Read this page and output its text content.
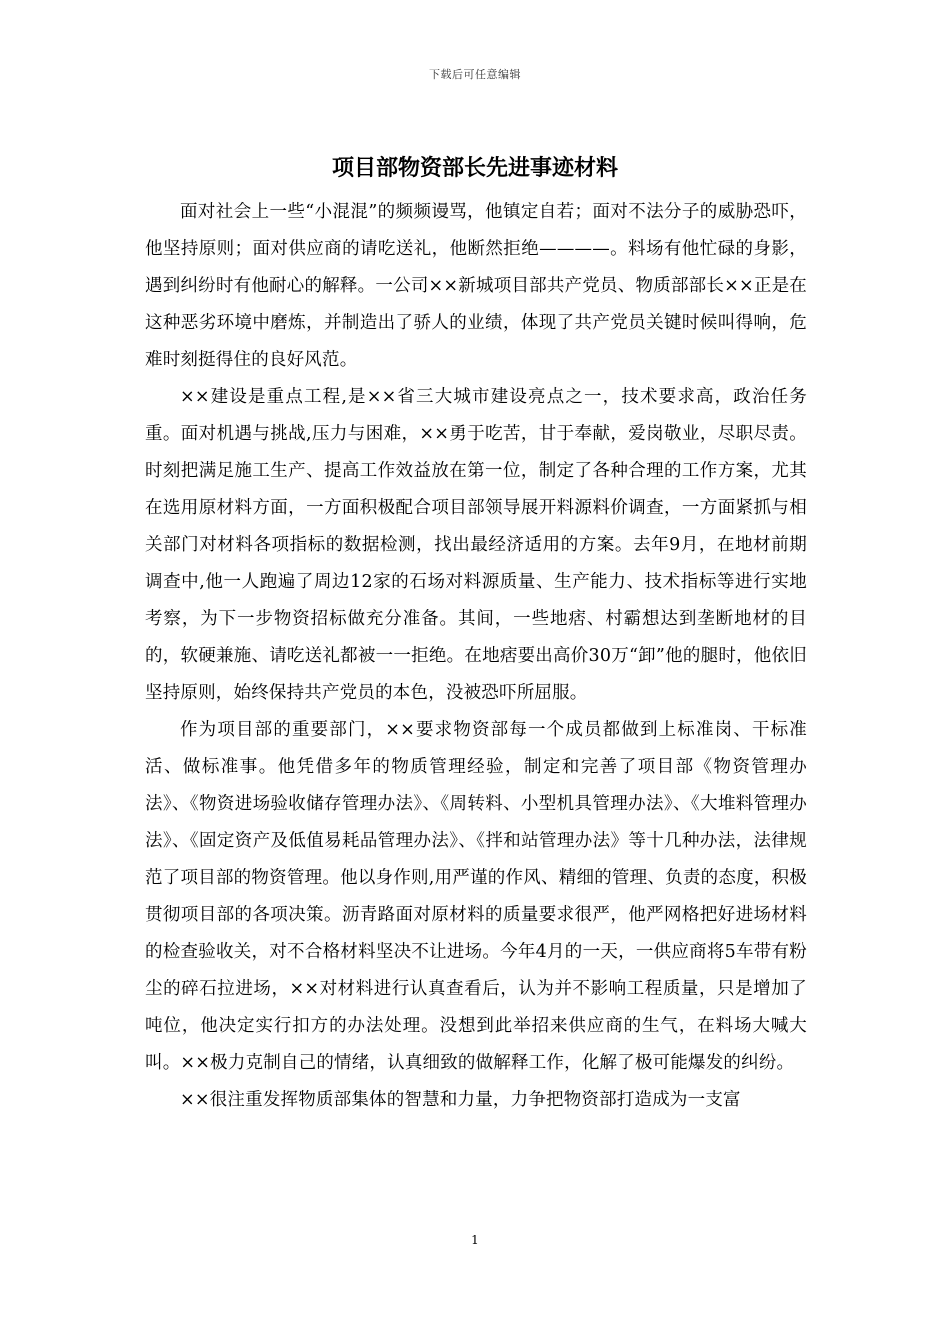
下载后可任意编辑
项目部物资部长先进事迹材料

面对社会上一些“小混混”的频频谩骂，他镇定自若；面对不法分子的威胁恐吓，他坚持原则；面对供应商的请吃送礼，他断然拒绝————。料场有他忙碌的身影，遇到纠纷时有他耐心的解释。一公司××新城项目部共产党员、物质部部长××正是在这种恶劣环境中磨炼，并制造出了骄人的业绩，体现了共产党员关键时候叫得响，危难时刻挺得住的良好风范。

××建设是重点工程,是××省三大城市建设亮点之一，技术要求高，政治任务重。面对机遇与挑战,压力与困难，××勇于吃苦，甘于奉献，爱岗敬业，尽职尽责。时刻把满足施工生产、提高工作效益放在第一位，制定了各种合理的工作方案，尤其在选用原材料方面，一方面积极配合项目部领导展开料源料价调查，一方面紧抓与相关部门对材料各项指标的数据检测，找出最经济适用的方案。去年9月，在地材前期调查中,他一人跑遍了周边12家的石场对料源质量、生产能力、技术指标等进行实地考察，为下一步物资招标做充分准备。其间，一些地痞、村霸想达到垄断地材的目的，软硬兼施、请吃送礼都被一一拒绝。在地痞要出高价30万“卸”他的腿时，他依旧坚持原则，始终保持共产党员的本色，没被恐吓所屈服。

作为项目部的重要部门，××要求物资部每一个成员都做到上标准岗、干标准活、做标准事。他凭借多年的物质管理经验，制定和完善了项目部《物资管理办法》、《物资进场验收储存管理办法》、《周转料、小型机具管理办法》、《大堆料管理办法》、《固定资产及低值易耗品管理办法》、《拌和站管理办法》等十几种办法，法律规范了项目部的物资管理。他以身作则,用严谨的作风、精细的管理、负责的态度，积极贯彻项目部的各项决策。沥青路面对原材料的质量要求很严，他严网格把好进场材料的检查验收关，对不合格材料坚决不让进场。今年4月的一天，一供应商将5车带有粉尘的碎石拉进场，××对材料进行认真查看后，认为并不影响工程质量，只是增加了吨位，他决定实行扣方的办法处理。没想到此举招来供应商的生气，在料场大喊大叫。××极力克制自己的情绪，认真细致的做解释工作，化解了极可能爆发的纠纷。

××很注重发挥物质部集体的智慧和力量，力争把物资部打造成为一支富

1
